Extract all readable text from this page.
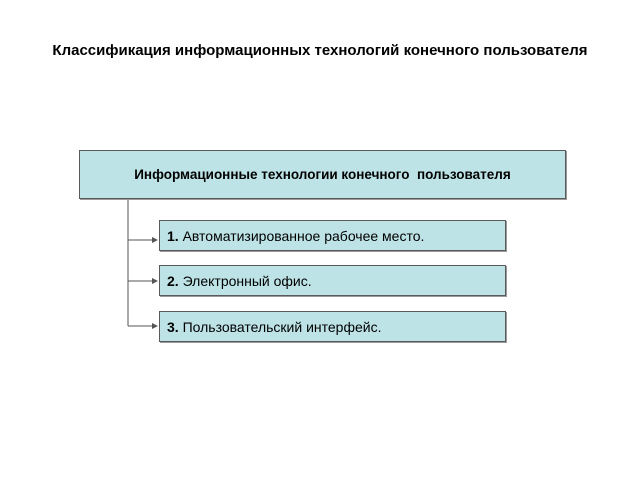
Классификация информационных технологий конечного пользователя
Информационные технологии конечного  пользователя
1. Автоматизированное рабочее место.
2. Электронный офис.
3. Пользовательский интерфейс.
